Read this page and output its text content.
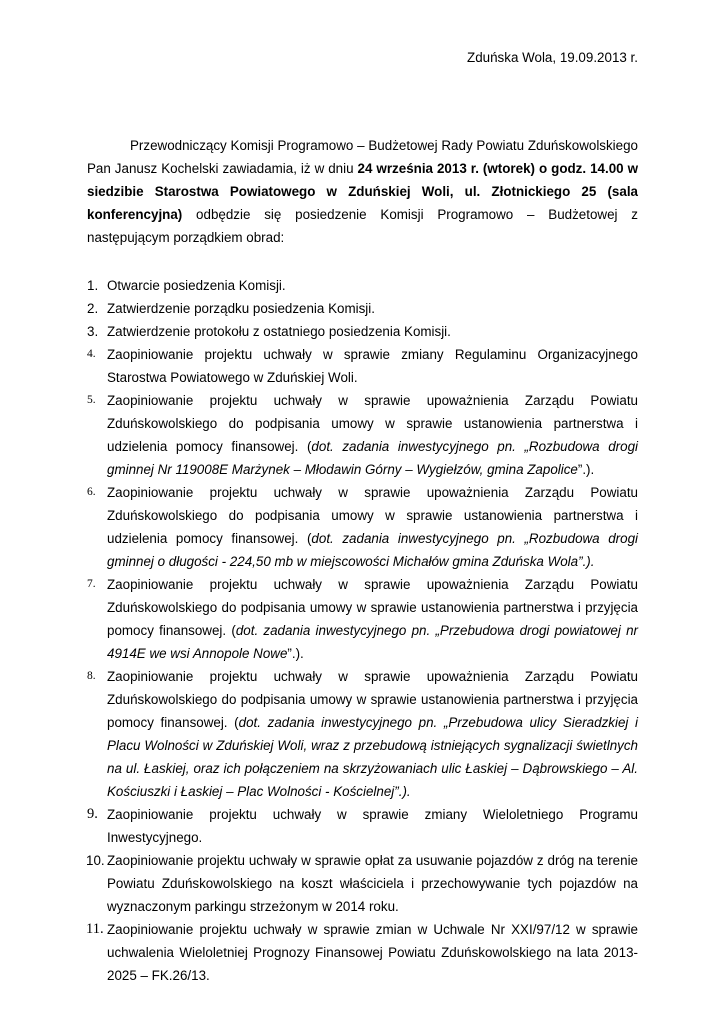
Zduńska Wola, 19.09.2013 r.

Przewodniczący Komisji Programowo – Budżetowej Rady Powiatu Zduńskowolskiego Pan Janusz Kochelski zawiadamia, iż w dniu 24 września 2013 r. (wtorek) o godz. 14.00 w siedzibie Starostwa Powiatowego w Zduńskiej Woli, ul. Złotnickiego 25 (sala konferencyjna) odbędzie się posiedzenie Komisji Programowo – Budżetowej z następującym porządkiem obrad:

1. Otwarcie posiedzenia Komisji.
2. Zatwierdzenie porządku posiedzenia Komisji.
3. Zatwierdzenie protokołu z ostatniego posiedzenia Komisji.
4. Zaopiniowanie projektu uchwały w sprawie zmiany Regulaminu Organizacyjnego Starostwa Powiatowego w Zduńskiej Woli.
5. Zaopiniowanie projektu uchwały w sprawie upoważnienia Zarządu Powiatu Zduńskowolskiego do podpisania umowy w sprawie ustanowienia partnerstwa i udzielenia pomocy finansowej. (dot. zadania inwestycyjnego pn. „Rozbudowa drogi gminnej Nr 119008E Marżynek – Młodawin Górny – Wygiełzów, gmina Zapolice”.).
6. Zaopiniowanie projektu uchwały w sprawie upoważnienia Zarządu Powiatu Zduńskowolskiego do podpisania umowy w sprawie ustanowienia partnerstwa i udzielenia pomocy finansowej. (dot. zadania inwestycyjnego pn. „Rozbudowa drogi gminnej o długości - 224,50 mb w miejscowości Michałów gmina Zduńska Wola”.).
7. Zaopiniowanie projektu uchwały w sprawie upoważnienia Zarządu Powiatu Zduńskowolskiego do podpisania umowy w sprawie ustanowienia partnerstwa i przyjęcia pomocy finansowej. (dot. zadania inwestycyjnego pn. „Przebudowa drogi powiatowej nr 4914E we wsi Annopole Nowe”.).
8. Zaopiniowanie projektu uchwały w sprawie upoważnienia Zarządu Powiatu Zduńskowolskiego do podpisania umowy w sprawie ustanowienia partnerstwa i przyjęcia pomocy finansowej. (dot. zadania inwestycyjnego pn. „Przebudowa ulicy Sieradzkiej i Placu Wolności w Zduńskiej Woli, wraz z przebudową istniejących sygnalizacji świetlnych na ul. Łaskiej, oraz ich połączeniem na skrzyżowaniach ulic Łaskiej – Dąbrowskiego – Al. Kościuszki i Łaskiej – Plac Wolności - Kościelnej”.).
9. Zaopiniowanie projektu uchwały w sprawie zmiany Wieloletniego Programu Inwestycyjnego.
10. Zaopiniowanie projektu uchwały w sprawie opłat za usuwanie pojazdów z dróg na terenie Powiatu Zduńskowolskiego na koszt właściciela i przechowywanie tych pojazdów na wyznaczonym parkingu strzeżonym w 2014 roku.
11. Zaopiniowanie projektu uchwały w sprawie zmian w Uchwale Nr XXI/97/12 w sprawie uchwalenia Wieloletniej Prognozy Finansowej Powiatu Zduńskowolskiego na lata 2013-2025 – FK.26/13.
